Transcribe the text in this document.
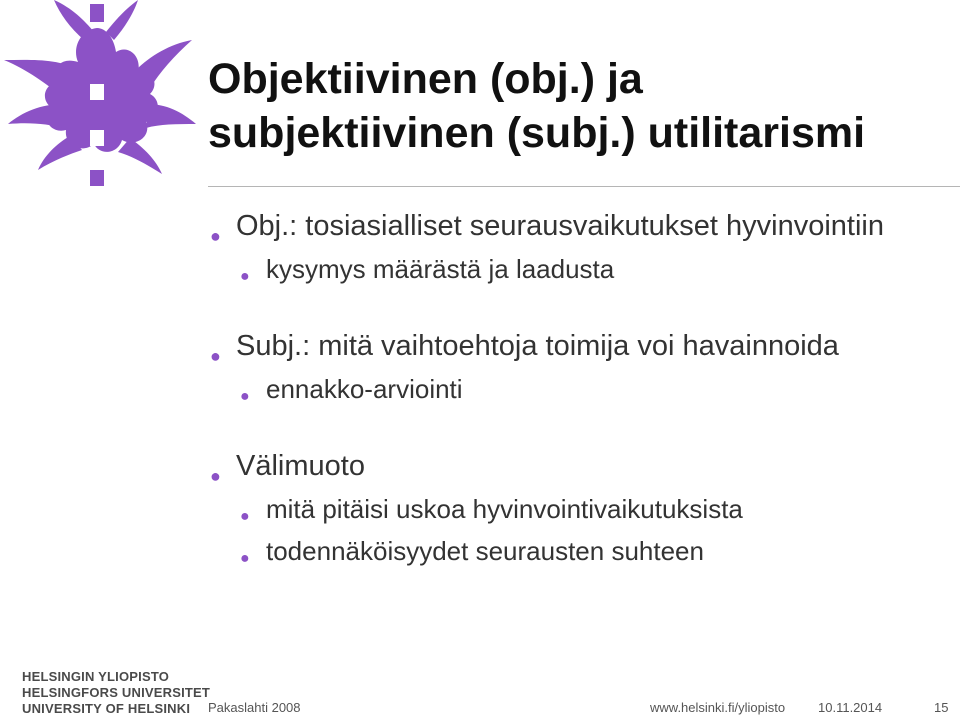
Objektiivinen (obj.) ja
subjektiivinen (subj.) utilitarismi
● Obj.: tosiasialliset seurausvaikutukset hyvinvointiin
● kysymys määrästä ja laadusta
● Subj.: mitä vaihtoehtoja toimija voi havainnoida
● ennakko-arviointi
● Välimuoto
● mitä pitäisi uskoa hyvinvointivaikutuksista
● todennäköisyydet seurausten suhteen
HELSINGIN YLIOPISTO
HELSINGFORS UNIVERSITET
UNIVERSITY OF HELSINKI	Pakaslahti 2008	www.helsinki.fi/yliopisto	10.11.2014	15
